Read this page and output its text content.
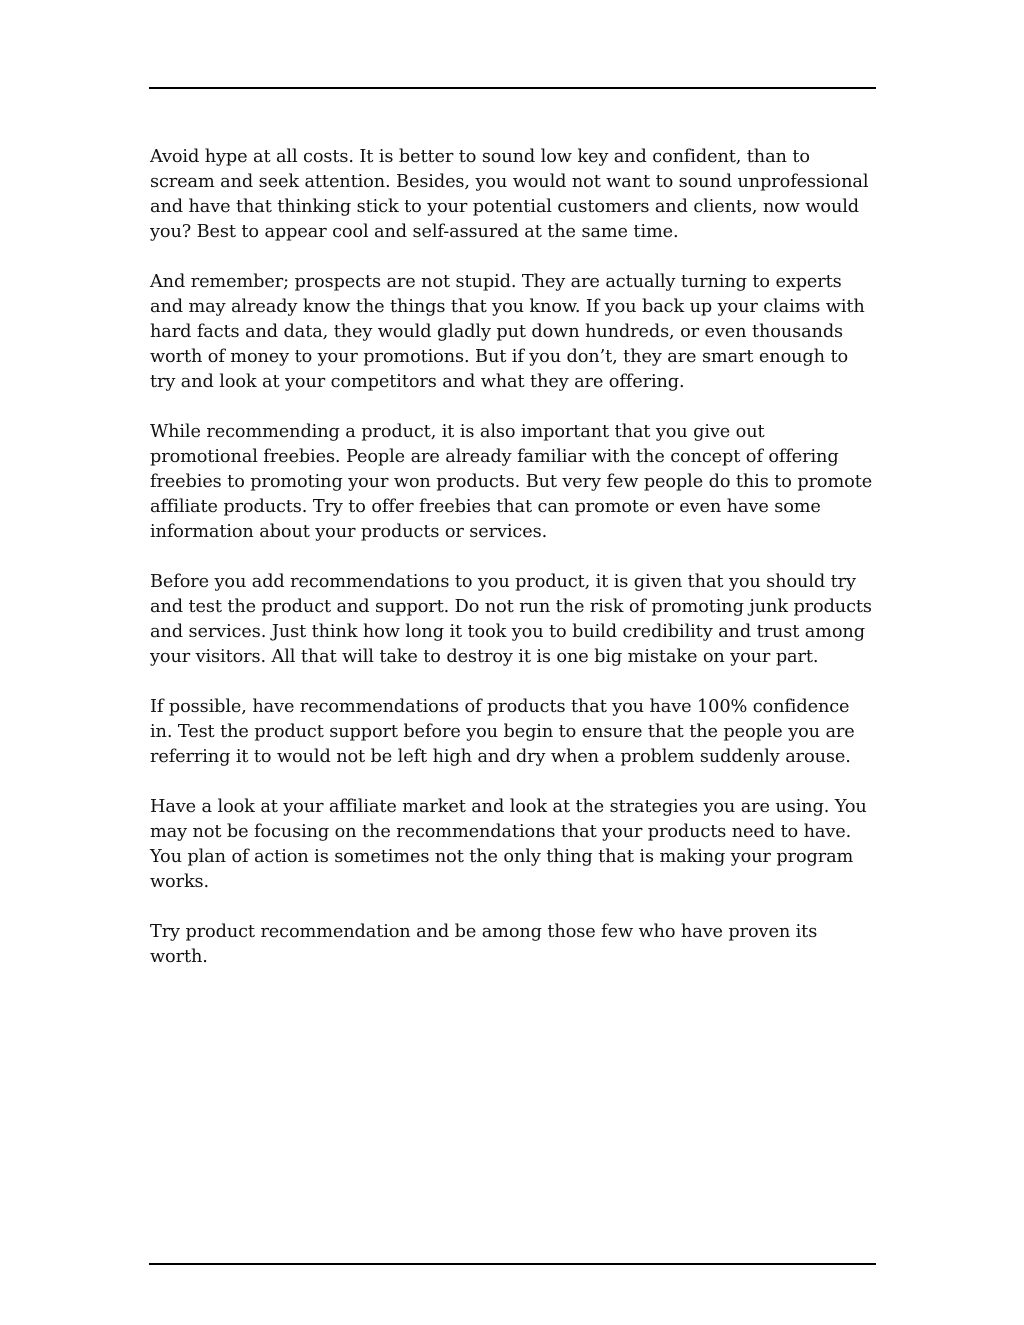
Avoid hype at all costs. It is better to sound low key and confident, than to scream and seek attention. Besides, you would not want to sound unprofessional and have that thinking stick to your potential customers and clients, now would you? Best to appear cool and self-assured at the same time.

And remember; prospects are not stupid. They are actually turning to experts and may already know the things that you know. If you back up your claims with hard facts and data, they would gladly put down hundreds, or even thousands worth of money to your promotions. But if you don’t, they are smart enough to try and look at your competitors and what they are offering.

While recommending a product, it is also important that you give out promotional freebies. People are already familiar with the concept of offering freebies to promoting your won products. But very few people do this to promote affiliate products. Try to offer freebies that can promote or even have some information about your products or services.

Before you add recommendations to you product, it is given that you should try and test the product and support. Do not run the risk of promoting junk products and services. Just think how long it took you to build credibility and trust among your visitors. All that will take to destroy it is one big mistake on your part.

If possible, have recommendations of products that you have 100% confidence in. Test the product support before you begin to ensure that the people you are referring it to would not be left high and dry when a problem suddenly arouse.

Have a look at your affiliate market and look at the strategies you are using. You may not be focusing on the recommendations that your products need to have. You plan of action is sometimes not the only thing that is making your program works.

Try product recommendation and be among those few who have proven its worth.
